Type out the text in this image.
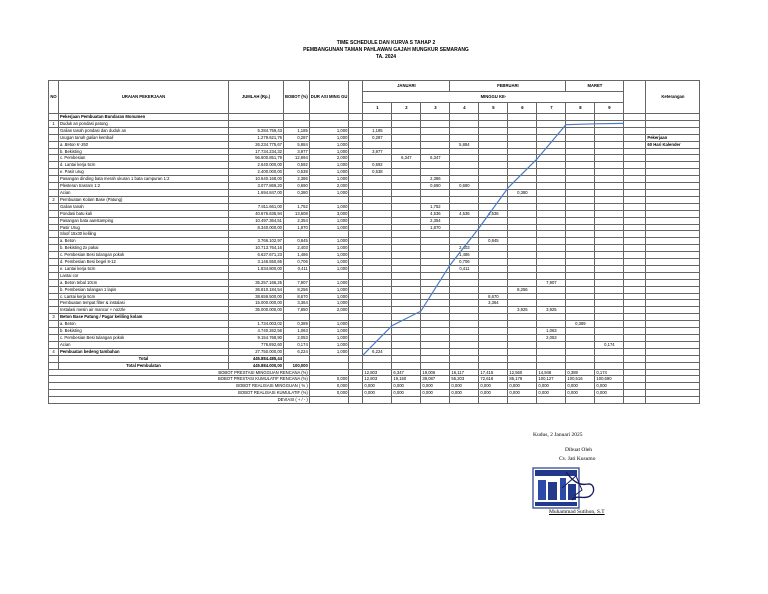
TIME SCHEDULE DAN KURVA S TAHAP 2
PEMBANGUNAN TAMAN PAHLAWAN GAJAH MUNGKUR SEMARANG
TA. 2024
NO	URAIAN PEKERJAAN	JUMLAH (Rp.)	BOBOT (%)	DUR ASI MING GU		JANUARI			FEBRUARI				MARET			Keterangan
						MINGGU KE-										
						1	2	3	4	5	6	7	8	9		
	Pekerjaan Pembuatan Bundaran Monumen															
1	Duduk an pondasi patung															
	Galian tanah pondasi dan duduk an	5.284.759,43	1,185	1,000		1,185										
	Urugan tanah galian kembali	1.279.621,76	0,287	1,000		0,287										Pekerjaan
	a. Beton K-350	26.234.775,67	5,884	1,000					5,884							60 Hari Kalender
	b. Bekisting	17.734.234,32	3,977	1,000		3,977										
	c. Pembesian	56.600.851,79	12,694	2,000			6,347	6,347								
	d. Lantai kerja 5cm	2.640.000,00	0,592	1,000		0,592										
	e. Pasir urug	2.400.000,00	0,538	1,000		0,538										
	Pasangan dinding bata merah ukuran 1 bata campuran 1:2	10.640.168,00	2,386	1,000				2,386								
	Plesteran trasram 1:2	3.077.869,20	0,690	2,000				0,690	0,690							
	Acian	1.694.847,00	0,380	1,000							0,380					
2	Pembuatan Kolam Base (Patung)															
	Galian tanah	7.811.661,00	1,752	1,000				1,752								
	Pondasi batu kali	40.676.635,94	13,608	3,000				4,536	4,536	4,536						
	Pasangan bata aanstamping	10.497.364,51	2,354	1,000				2,354								
	Pasir Urug	8.340.000,00	1,870	1,000				1,870								
	Sloof 15x30 keliling															
	a. Beton	3.766.102,97	0,845	1,000						0,845						
	b. Bekisting 2x pakai	10.713.764,16	2,403	1,000					2,403							
	c. Pembesian Besi tulangan pokok	6.627.671,23	1,486	1,000					1,486							
	d. Pembesian Besi begel 8-12	3.146.550,65	0,706	1,000					0,706							
	e. Lantai kerja 5cm	1.834.800,00	0,411	1,000					0,411							
	Lantai cor															
	a. Beton tebal 10cm	35.257.166,25	7,907	1,000								7,907				
	b. Pembesian tulangan 1 lapis	36.810.184,54	8,256	1,000							8,256					
	c. Lantai kerja 5cm	38.659.500,00	8,670	1,000						8,670						
	Pembuatan tempat filter & instalasi	15.000.000,00	3,364	1,000						3,364						
	Instalasi mesin air mancur + nozzle	35.000.000,00	7,850	2,000							3,925	3,925				
3	Beton Base Patung / Pagar keliling kolam															
	a. Beton	1.734.003,02	0,389	1,000									0,389			
	b. Bekisting	4.740.262,56	1,063	1,000								1,063				
	c. Pembesian Besi tulangan pokok	9.154.768,90	2,053	1,000								2,053				
	Acian	776.892,60	0,174	1,000										0,174		
4	Pembuatan bedeng tambahan	27.750.000,00	6,224	1,000		6,224										
	Total	445.884.485,44														
	Total Pembulatan	445.884.000,00	100,000													
BOBOT PRESTASI MINGGUAN RENCANA (%)						12,803	6,347	19,006	16,117	17,415	12,560	14,948	0,389	0,174		
BOBOT PRESTASI KUMULATIF RENCANA (%)				0,000		12,803	19,150	39,087	55,203	72,618	85,179	100,127	100,516	100,690		
BOBOT REALISASI MINGGUAN ( % )				0,000		0,000	0,000	0,000	0,000	0,000	0,000	0,000	0,000	0,000		
BOBOT REALISASI KUMULATIF (%)				0,000		0,000	0,000	0,000	0,000	0,000	0,000	0,000	0,000	0,000		
DEVIASI ( + / - )																
Kudus, 2 Januari 2025
Dibuat Oleh
Cv. Jati Kusumo
Muhammad Sutihon, S.T
